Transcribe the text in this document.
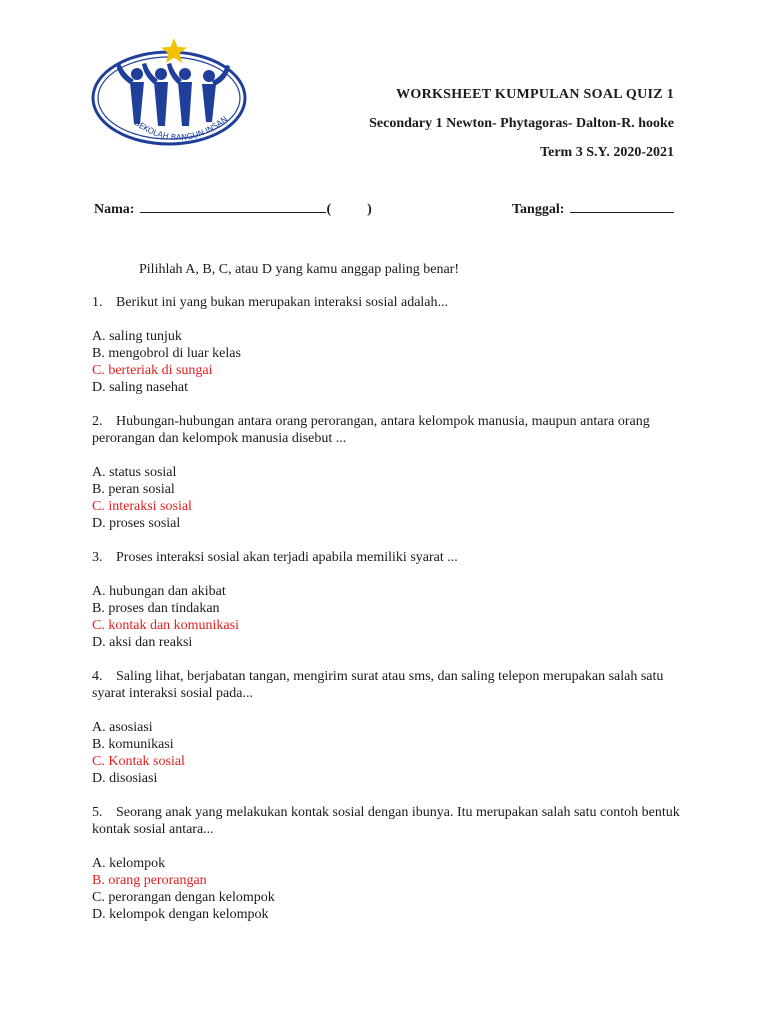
SEKOLAH BANGUN INSAN
WORKSHEET KUMPULAN SOAL QUIZ 1
Secondary 1 Newton- Phytagoras- Dalton-R. hooke
Term 3 S.Y. 2020-2021
Nama:	(	)	Tanggal:
Pilihlah A, B, C, atau D yang kamu anggap paling benar!

1. Berikut ini yang bukan merupakan interaksi sosial adalah...

A. saling tunjuk

B. mengobrol di luar kelas

C. berteriak di sungai

D. saling nasehat

2. Hubungan-hubungan antara orang perorangan, antara kelompok manusia, maupun antara orang perorangan dan kelompok manusia disebut ...

A. status sosial

B. peran sosial

C. interaksi sosial

D. proses sosial

3. Proses interaksi sosial akan terjadi apabila memiliki syarat ...

A. hubungan dan akibat

B. proses dan tindakan

C. kontak dan komunikasi

D. aksi dan reaksi

4. Saling lihat, berjabatan tangan, mengirim surat atau sms, dan saling telepon merupakan salah satu syarat interaksi sosial pada...

A. asosiasi

B. komunikasi

C. Kontak sosial

D. disosiasi

5. Seorang anak yang melakukan kontak sosial dengan ibunya. Itu merupakan salah satu contoh bentuk kontak sosial antara...

A. kelompok

B. orang perorangan

C. perorangan dengan kelompok

D. kelompok dengan kelompok
